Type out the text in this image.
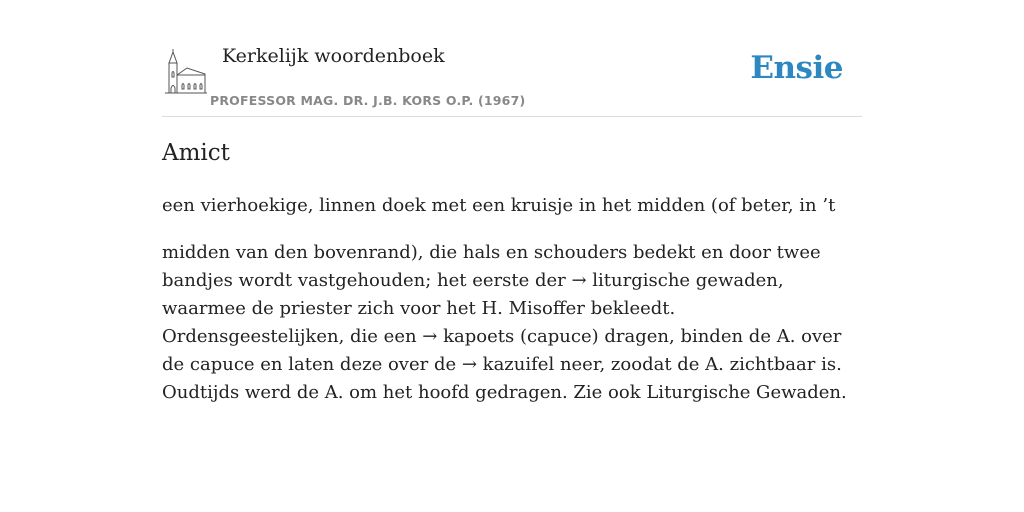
Kerkelijk woordenboek
PROFESSOR MAG. DR. J.B. KORS O.P. (1967)
Ensie
Amict

een vierhoekige, linnen doek met een kruisje in het midden (of beter, in ’t

midden van den bovenrand), die hals en schouders bedekt en door twee bandjes wordt vastgehouden; het eerste der → liturgische gewaden, waarmee de priester zich voor het H. Misoffer bekleedt. Ordensgeestelijken, die een → kapoets (capuce) dragen, binden de A. over de capuce en laten deze over de → kazuifel neer, zoodat de A. zichtbaar is. Oudtijds werd de A. om het hoofd gedragen. Zie ook Liturgische Gewaden.
